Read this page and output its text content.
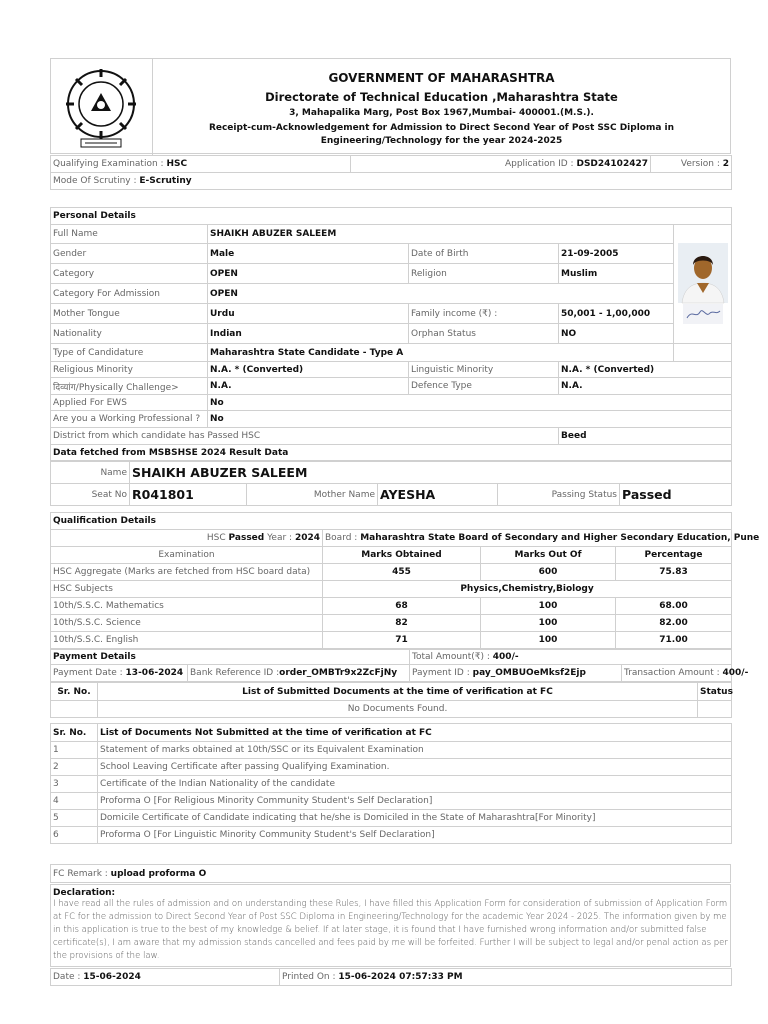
GOVERNMENT OF MAHARASHTRA
Directorate of Technical Education ,Maharashtra State
3, Mahapalika Marg, Post Box 1967,Mumbai- 400001.(M.S.).
Receipt-cum-Acknowledgement for Admission to Direct Second Year of Post SSC Diploma in Engineering/Technology for the year 2024-2025
Qualifying Examination : HSC	Application ID : DSD24102427	Version : 2
Mode Of Scrutiny : E-Scrutiny
Personal Details				
Full Name	SHAIKH ABUZER SALEEM	

Gender	Male	Date of Birth	21-09-2005	
Category	OPEN	Religion	Muslim	
Category For Admission	OPEN			
Mother Tongue	Urdu	Family income (₹) :	50,001 - 1,00,000	
Nationality	Indian	Orphan Status	NO	
Type of Candidature	Maharashtra State Candidate - Type A			
Religious Minority	N.A. * (Converted)	Linguistic Minority	N.A. * (Converted)	
दिव्यांग/Physically Challenge>	N.A.	Defence Type	N.A.	
Applied For EWS	No			
Are you a Working Professional ?	No			
District from which candidate has Passed HSC			Beed	
Data fetched from MSBSHSE 2024 Result Data				
Name	SHAIKH ABUZER SALEEM				
Seat No	R041801	Mother Name	AYESHA	Passing Status	Passed
Qualification Details			
HSC Passed Year : 2024	Board : Maharashtra State Board of Secondary and Higher Secondary Education, Pune		
Examination	Marks Obtained	Marks Out Of	Percentage
HSC Aggregate (Marks are fetched from HSC board data)	455	600	75.83
HSC Subjects	Physics,Chemistry,Biology		
10th/S.S.C. Mathematics	68	100	68.00
10th/S.S.C. Science	82	100	82.00
10th/S.S.C. English	71	100	71.00
Payment Details		Total Amount(₹) : 400/-	
Payment Date : 13-06-2024	Bank Reference ID :order_OMBTr9x2ZcFjNy	Payment ID : pay_OMBUOeMksf2Ejp	Transaction Amount : 400/-
Sr. No.	List of Submitted Documents at the time of verification at FC	Status
	No Documents Found.	
Sr. No.	List of Documents Not Submitted at the time of verification at FC
1	Statement of marks obtained at 10th/SSC or its Equivalent Examination
2	School Leaving Certificate after passing Qualifying Examination.
3	Certificate of the Indian Nationality of the candidate
4	Proforma O [For Religious Minority Community Student's Self Declaration]
5	Domicile Certificate of Candidate indicating that he/she is Domiciled in the State of Maharashtra[For Minority]
6	Proforma O [For Linguistic Minority Community Student's Self Declaration]
FC Remark : upload proforma O
Declaration:
I have read all the rules of admission and on understanding these Rules, I have filled this Application Form for consideration of submission of Application Form at FC for the admission to Direct Second Year of Post SSC Diploma in Engineering/Technology for the academic Year 2024 - 2025. The information given by me in this application is true to the best of my knowledge & belief. If at later stage, it is found that I have furnished wrong information and/or submitted false certificate(s), I am aware that my admission stands cancelled and fees paid by me will be forfeited. Further I will be subject to legal and/or penal action as per the provisions of the law.
Date : 15-06-2024	Printed On : 15-06-2024 07:57:33 PM
